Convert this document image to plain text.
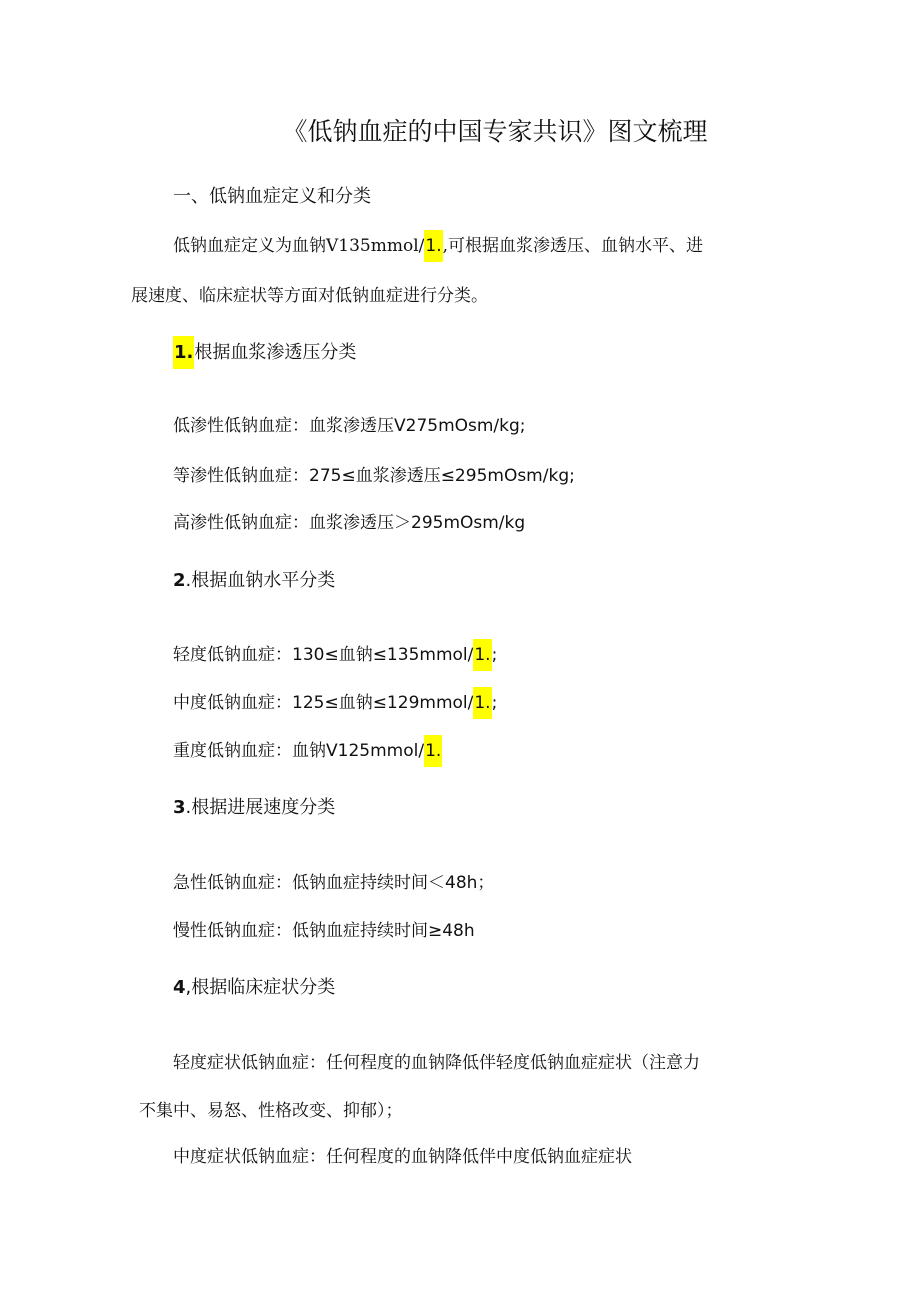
《低钠血症的中国专家共识》图文梳理
一、低钠血症定义和分类
低钠血症定义为血钠V135mmol∕1.,可根据血浆渗透压、血钠水平、进
展速度、临床症状等方面对低钠血症进行分类。
1.根据血浆渗透压分类
低渗性低钠血症：血浆渗透压V275mOsm∕kg;
等渗性低钠血症：275≤血浆渗透压≤295mOsm∕kg;
高渗性低钠血症：血浆渗透压＞295mOsm∕kg
2.根据血钠水平分类
轻度低钠血症：130≤血钠≤135mmol∕1.;
中度低钠血症：125≤血钠≤129mmol∕1.;
重度低钠血症：血钠V125mmol∕1.
3.根据进展速度分类
急性低钠血症：低钠血症持续时间＜48h；
慢性低钠血症：低钠血症持续时间≥48h
4,根据临床症状分类
轻度症状低钠血症：任何程度的血钠降低伴轻度低钠血症症状（注意力
不集中、易怒、性格改变、抑郁）；
中度症状低钠血症：任何程度的血钠降低伴中度低钠血症症状
